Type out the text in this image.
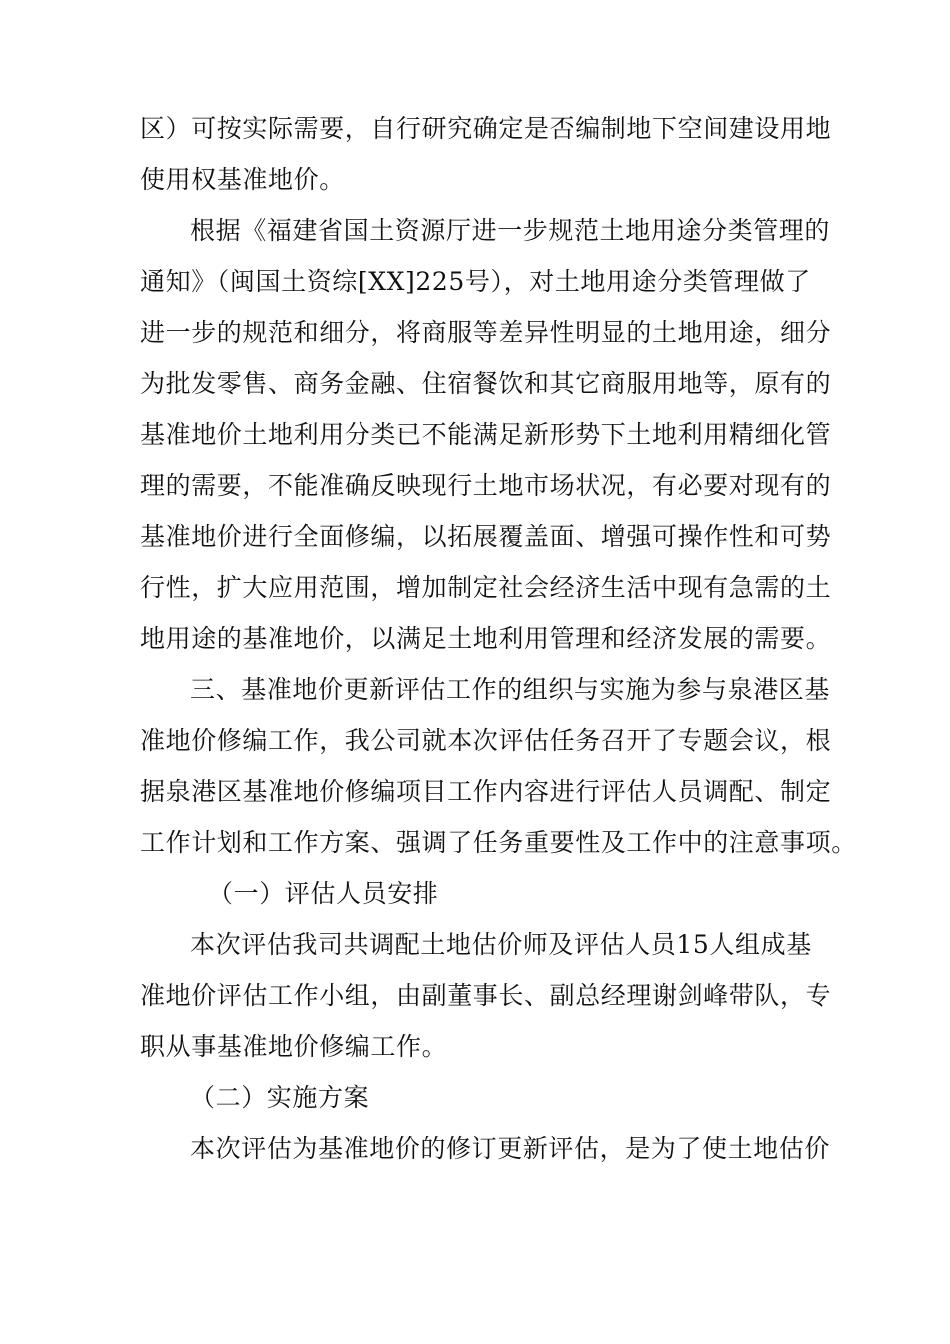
区）可按实际需要，自行研究确定是否编制地下空间建设用地
使用权基准地价。
根据《福建省国土资源厅进一步规范土地用途分类管理的
通知》（闽国土资综[XX]225号），对土地用途分类管理做了
进一步的规范和细分，将商服等差异性明显的土地用途，细分
为批发零售、商务金融、住宿餐饮和其它商服用地等，原有的
基准地价土地利用分类已不能满足新形势下土地利用精细化管
理的需要，不能准确反映现行土地市场状况，有必要对现有的
基准地价进行全面修编，以拓展覆盖面、增强可操作性和可势
行性，扩大应用范围，增加制定社会经济生活中现有急需的土
地用途的基准地价，以满足土地利用管理和经济发展的需要。
三、基准地价更新评估工作的组织与实施为参与泉港区基
准地价修编工作，我公司就本次评估任务召开了专题会议，根
据泉港区基准地价修编项目工作内容进行评估人员调配、制定
工作计划和工作方案、强调了任务重要性及工作中的注意事项。
（一）评估人员安排
本次评估我司共调配土地估价师及评估人员15人组成基
准地价评估工作小组，由副董事长、副总经理谢剑峰带队，专
职从事基准地价修编工作。
（二）实施方案
本次评估为基准地价的修订更新评估，是为了使土地估价
